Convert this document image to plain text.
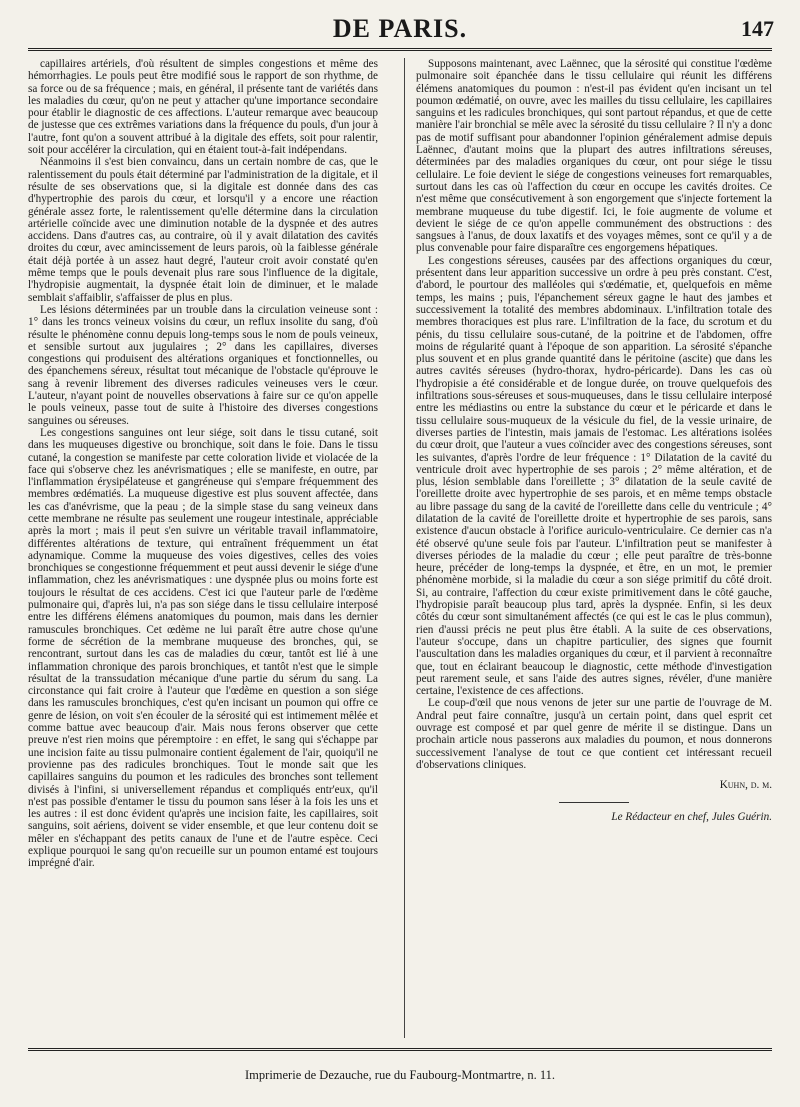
DE PARIS.	147

capillaires artériels, d'où résultent de simples congestions et même des hémorrhagies. Le pouls peut être modifié sous le rapport de son rhythme, de sa force ou de sa fréquence ; mais, en général, il présente tant de variétés dans les maladies du cœur, qu'on ne peut y attacher qu'une importance secondaire pour établir le diagnostic de ces affections. L'auteur remarque avec beaucoup de justesse que ces extrêmes variations dans la fréquence du pouls, d'un jour à l'autre, font qu'on a souvent attribué à la digitale des effets, soit pour ralentir, soit pour accélérer la circulation, qui en étaient tout-à-fait indépendans.

Néanmoins il s'est bien convaincu, dans un certain nombre de cas, que le ralentissement du pouls était déterminé par l'administration de la digitale, et il résulte de ses observations que, si la digitale est donnée dans des cas d'hypertrophie des parois du cœur, et lorsqu'il y a encore une réaction générale assez forte, le ralentissement qu'elle détermine dans la circulation artérielle coïncide avec une diminution notable de la dyspnée et des autres accidens. Dans d'autres cas, au contraire, où il y avait dilatation des cavités droites du cœur, avec amincissement de leurs parois, où la faiblesse générale était déjà portée à un assez haut degré, l'auteur croit avoir constaté qu'en même temps que le pouls devenait plus rare sous l'influence de la digitale, l'hydropisie augmentait, la dyspnée était loin de diminuer, et le malade semblait s'affaiblir, s'affaisser de plus en plus.

Les lésions déterminées par un trouble dans la circulation veineuse sont : 1° dans les troncs veineux voisins du cœur, un reflux insolite du sang, d'où résulte le phénomène connu depuis long-temps sous le nom de pouls veineux, et sensible surtout aux jugulaires ; 2° dans les capillaires, diverses congestions qui produisent des altérations organiques et fonctionnelles, ou des épanchemens séreux, résultat tout mécanique de l'obstacle qu'éprouve le sang à revenir librement des diverses radicules veineuses vers le cœur. L'auteur, n'ayant point de nouvelles observations à faire sur ce qu'on appelle le pouls veineux, passe tout de suite à l'histoire des diverses congestions sanguines ou séreuses.

Les congestions sanguines ont leur siége, soit dans le tissu cutané, soit dans les muqueuses digestive ou bronchique, soit dans le foie. Dans le tissu cutané, la congestion se manifeste par cette coloration livide et violacée de la face qui s'observe chez les anévrismatiques ; elle se manifeste, en outre, par l'inflammation érysipélateuse et gangréneuse qui s'empare fréquemment des membres œdématiés. La muqueuse digestive est plus souvent affectée, dans les cas d'anévrisme, que la peau ; de la simple stase du sang veineux dans cette membrane ne résulte pas seulement une rougeur intestinale, appréciable après la mort ; mais il peut s'en suivre un véritable travail inflammatoire, différentes altérations de texture, qui entraînent fréquemment un état adynamique. Comme la muqueuse des voies digestives, celles des voies bronchiques se congestionne fréquemment et peut aussi devenir le siége d'une inflammation, chez les anévrismatiques : une dyspnée plus ou moins forte est toujours le résultat de ces accidens. C'est ici que l'auteur parle de l'œdème pulmonaire qui, d'après lui, n'a pas son siége dans le tissu cellulaire interposé entre les différens élémens anatomiques du poumon, mais dans les dernier ramuscules bronchiques. Cet œdème ne lui paraît être autre chose qu'une forme de sécrétion de la membrane muqueuse des bronches, qui, se rencontrant, surtout dans les cas de maladies du cœur, tantôt est lié à une inflammation chronique des parois bronchiques, et tantôt n'est que le simple résultat de la transsudation mécanique d'une partie du sérum du sang. La circonstance qui fait croire à l'auteur que l'œdème en question a son siége dans les ramuscules bronchiques, c'est qu'en incisant un poumon qui offre ce genre de lésion, on voit s'en écouler de la sérosité qui est intimement mêlée et comme battue avec beaucoup d'air. Mais nous ferons observer que cette preuve n'est rien moins que péremptoire : en effet, le sang qui s'échappe par une incision faite au tissu pulmonaire contient également de l'air, quoiqu'il ne provienne pas des radicules bronchiques. Tout le monde sait que les capillaires sanguins du poumon et les radicules des bronches sont tellement divisés à l'infini, si universellement répandus et compliqués entr'eux, qu'il n'est pas possible d'entamer le tissu du poumon sans léser à la fois les uns et les autres : il est donc évident qu'après une incision faite, les capillaires, soit sanguins, soit aériens, doivent se vider ensemble, et que leur contenu doit se mêler en s'échappant des petits canaux de l'une et de l'autre espèce. Ceci explique pourquoi le sang qu'on recueille sur un poumon entamé est toujours imprégné d'air.

Supposons maintenant, avec Laënnec, que la sérosité qui constitue l'œdème pulmonaire soit épanchée dans le tissu cellulaire qui réunit les différens élémens anatomiques du poumon : n'est-il pas évident qu'en incisant un tel poumon œdématié, on ouvre, avec les mailles du tissu cellulaire, les capillaires sanguins et les radicules bronchiques, qui sont partout répandus, et que de cette manière l'air bronchial se mêle avec la sérosité du tissu cellulaire ? Il n'y a donc pas de motif suffisant pour abandonner l'opinion généralement admise depuis Laënnec, d'autant moins que la plupart des autres infiltrations séreuses, déterminées par des maladies organiques du cœur, ont pour siége le tissu cellulaire. Le foie devient le siége de congestions veineuses fort remarquables, surtout dans les cas où l'affection du cœur en occupe les cavités droites. Ce n'est même que consécutivement à son engorgement que s'injecte fortement la membrane muqueuse du tube digestif. Ici, le foie augmente de volume et devient le siége de ce qu'on appelle communément des obstructions : des sangsues à l'anus, de doux laxatifs et des voyages mêmes, sont ce qu'il y a de plus convenable pour faire disparaître ces engorgemens hépatiques.

Les congestions séreuses, causées par des affections organiques du cœur, présentent dans leur apparition successive un ordre à peu près constant. C'est, d'abord, le pourtour des malléoles qui s'œdématie, et, quelquefois en même temps, les mains ; puis, l'épanchement séreux gagne le haut des jambes et successivement la totalité des membres abdominaux. L'infiltration totale des membres thoraciques est plus rare. L'infiltration de la face, du scrotum et du pénis, du tissu cellulaire sous-cutané, de la poitrine et de l'abdomen, offre moins de régularité quant à l'époque de son apparition. La sérosité s'épanche plus souvent et en plus grande quantité dans le péritoine (ascite) que dans les autres cavités séreuses (hydro-thorax, hydro-péricarde). Dans les cas où l'hydropisie a été considérable et de longue durée, on trouve quelquefois des infiltrations sous-séreuses et sous-muqueuses, dans le tissu cellulaire interposé entre les médiastins ou entre la substance du cœur et le péricarde et dans le tissu cellulaire sous-muqueux de la vésicule du fiel, de la vessie urinaire, de diverses parties de l'intestin, mais jamais de l'estomac. Les altérations isolées du cœur droit, que l'auteur a vues coïncider avec des congestions séreuses, sont les suivantes, d'après l'ordre de leur fréquence : 1° Dilatation de la cavité du ventricule droit avec hypertrophie de ses parois ; 2° même altération, et de plus, lésion semblable dans l'oreillette ; 3° dilatation de la seule cavité de l'oreillette droite avec hypertrophie de ses parois, et en même temps obstacle au libre passage du sang de la cavité de l'oreillette dans celle du ventricule ; 4° dilatation de la cavité de l'oreillette droite et hypertrophie de ses parois, sans existence d'aucun obstacle à l'orifice auriculo-ventriculaire. Ce dernier cas n'a été observé qu'une seule fois par l'auteur. L'infiltration peut se manifester à diverses périodes de la maladie du cœur ; elle peut paraître de très-bonne heure, précéder de long-temps la dyspnée, et être, en un mot, le premier phénomène morbide, si la maladie du cœur a son siége primitif du côté droit. Si, au contraire, l'affection du cœur existe primitivement dans le côté gauche, l'hydropisie paraît beaucoup plus tard, après la dyspnée. Enfin, si les deux côtés du cœur sont simultanément affectés (ce qui est le cas le plus commun), rien d'aussi précis ne peut plus être établi. A la suite de ces observations, l'auteur s'occupe, dans un chapitre particulier, des signes que fournit l'auscultation dans les maladies organiques du cœur, et il parvient à reconnaître que, tout en éclairant beaucoup le diagnostic, cette méthode d'investigation peut rarement seule, et sans l'aide des autres signes, révéler, d'une manière certaine, l'existence de ces affections.

Le coup-d'œil que nous venons de jeter sur une partie de l'ouvrage de M. Andral peut faire connaître, jusqu'à un certain point, dans quel esprit cet ouvrage est composé et par quel genre de mérite il se distingue. Dans un prochain article nous passerons aux maladies du poumon, et nous donnerons successivement l'analyse de tout ce que contient cet intéressant recueil d'observations cliniques.

Kuhn, d. m.
Le Rédacteur en chef, Jules Guérin.
Imprimerie de Dezauche, rue du Faubourg-Montmartre, n. 11.
